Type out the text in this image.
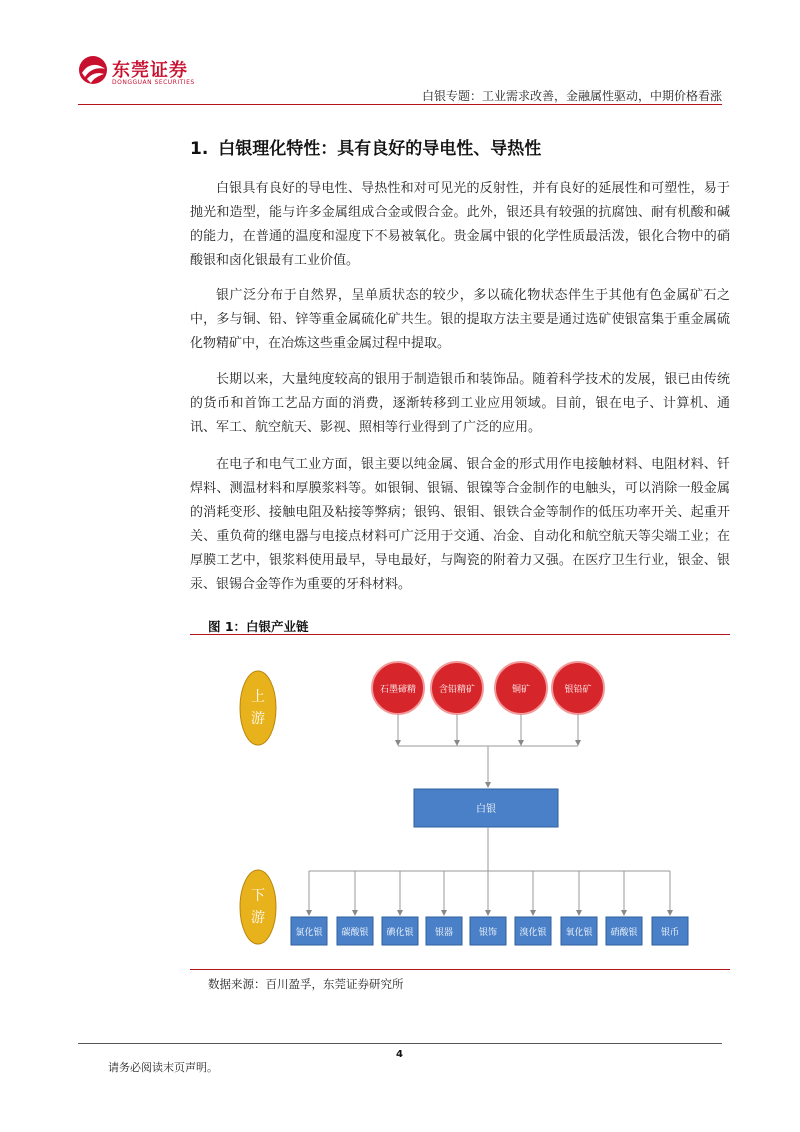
东莞证券
DONGGUAN SECURITIES
白银专题：工业需求改善，金融属性驱动，中期价格看涨
1. 白银理化特性：具有良好的导电性、导热性

白银具有良好的导电性、导热性和对可见光的反射性，并有良好的延展性和可塑性，易于抛光和造型，能与许多金属组成合金或假合金。此外，银还具有较强的抗腐蚀、耐有机酸和碱的能力，在普通的温度和湿度下不易被氧化。贵金属中银的化学性质最活泼，银化合物中的硝酸银和卤化银最有工业价值。

银广泛分布于自然界，呈单质状态的较少，多以硫化物状态伴生于其他有色金属矿石之中，多与铜、铅、锌等重金属硫化矿共生。银的提取方法主要是通过选矿使银富集于重金属硫化物精矿中，在冶炼这些重金属过程中提取。

长期以来，大量纯度较高的银用于制造银币和装饰品。随着科学技术的发展，银已由传统的货币和首饰工艺品方面的消费，逐渐转移到工业应用领域。目前，银在电子、计算机、通讯、军工、航空航天、影视、照相等行业得到了广泛的应用。

在电子和电气工业方面，银主要以纯金属、银合金的形式用作电接触材料、电阻材料、钎焊料、测温材料和厚膜浆料等。如银铜、银镉、银镍等合金制作的电触头，可以消除一般金属的消耗变形、接触电阻及粘接等弊病；银钨、银钼、银铁合金等制作的低压功率开关、起重开关、重负荷的继电器与电接点材料可广泛用于交通、冶金、自动化和航空航天等尖端工业；在厚膜工艺中，银浆料使用最早，导电最好，与陶瓷的附着力又强。在医疗卫生行业，银金、银汞、银锡合金等作为重要的牙科材料。

图 1：白银产业链
上
游
石墨碲精	含铅精矿	铜矿	银铅矿
白银
下
游
氯化银 碳酸银 碘化银 银器	银饰 溴化银 氧化银 硝酸银	银币
数据来源：百川盈孚，东莞证券研究所
4
请务必阅读末页声明。
